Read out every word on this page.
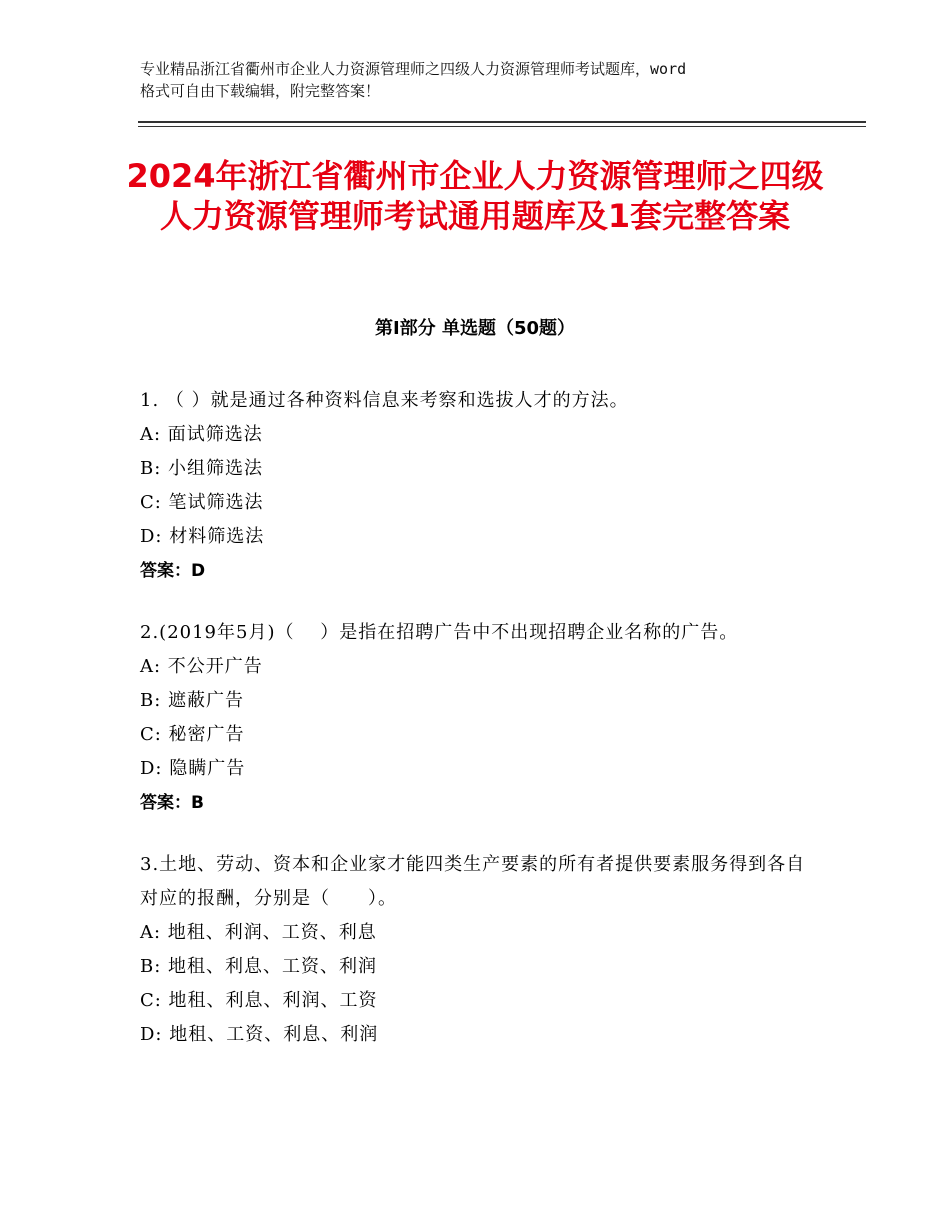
专业精品浙江省衢州市企业人力资源管理师之四级人力资源管理师考试题库，word
格式可自由下载编辑，附完整答案！
2024年浙江省衢州市企业人力资源管理师之四级人力资源管理师考试通用题库及1套完整答案
第Ⅰ部分 单选题（50题）
1. （ ）就是通过各种资料信息来考察和选拔人才的方法。
A: 面试筛选法
B: 小组筛选法
C: 笔试筛选法
D: 材料筛选法
答案：D
2.(2019年5月)（　 ）是指在招聘广告中不出现招聘企业名称的广告。
A: 不公开广告
B: 遮蔽广告
C: 秘密广告
D: 隐瞒广告
答案：B
3.土地、劳动、资本和企业家才能四类生产要素的所有者提供要素服务得到各自对应的报酬，分别是（　　）。
A: 地租、利润、工资、利息
B: 地租、利息、工资、利润
C: 地租、利息、利润、工资
D: 地租、工资、利息、利润
